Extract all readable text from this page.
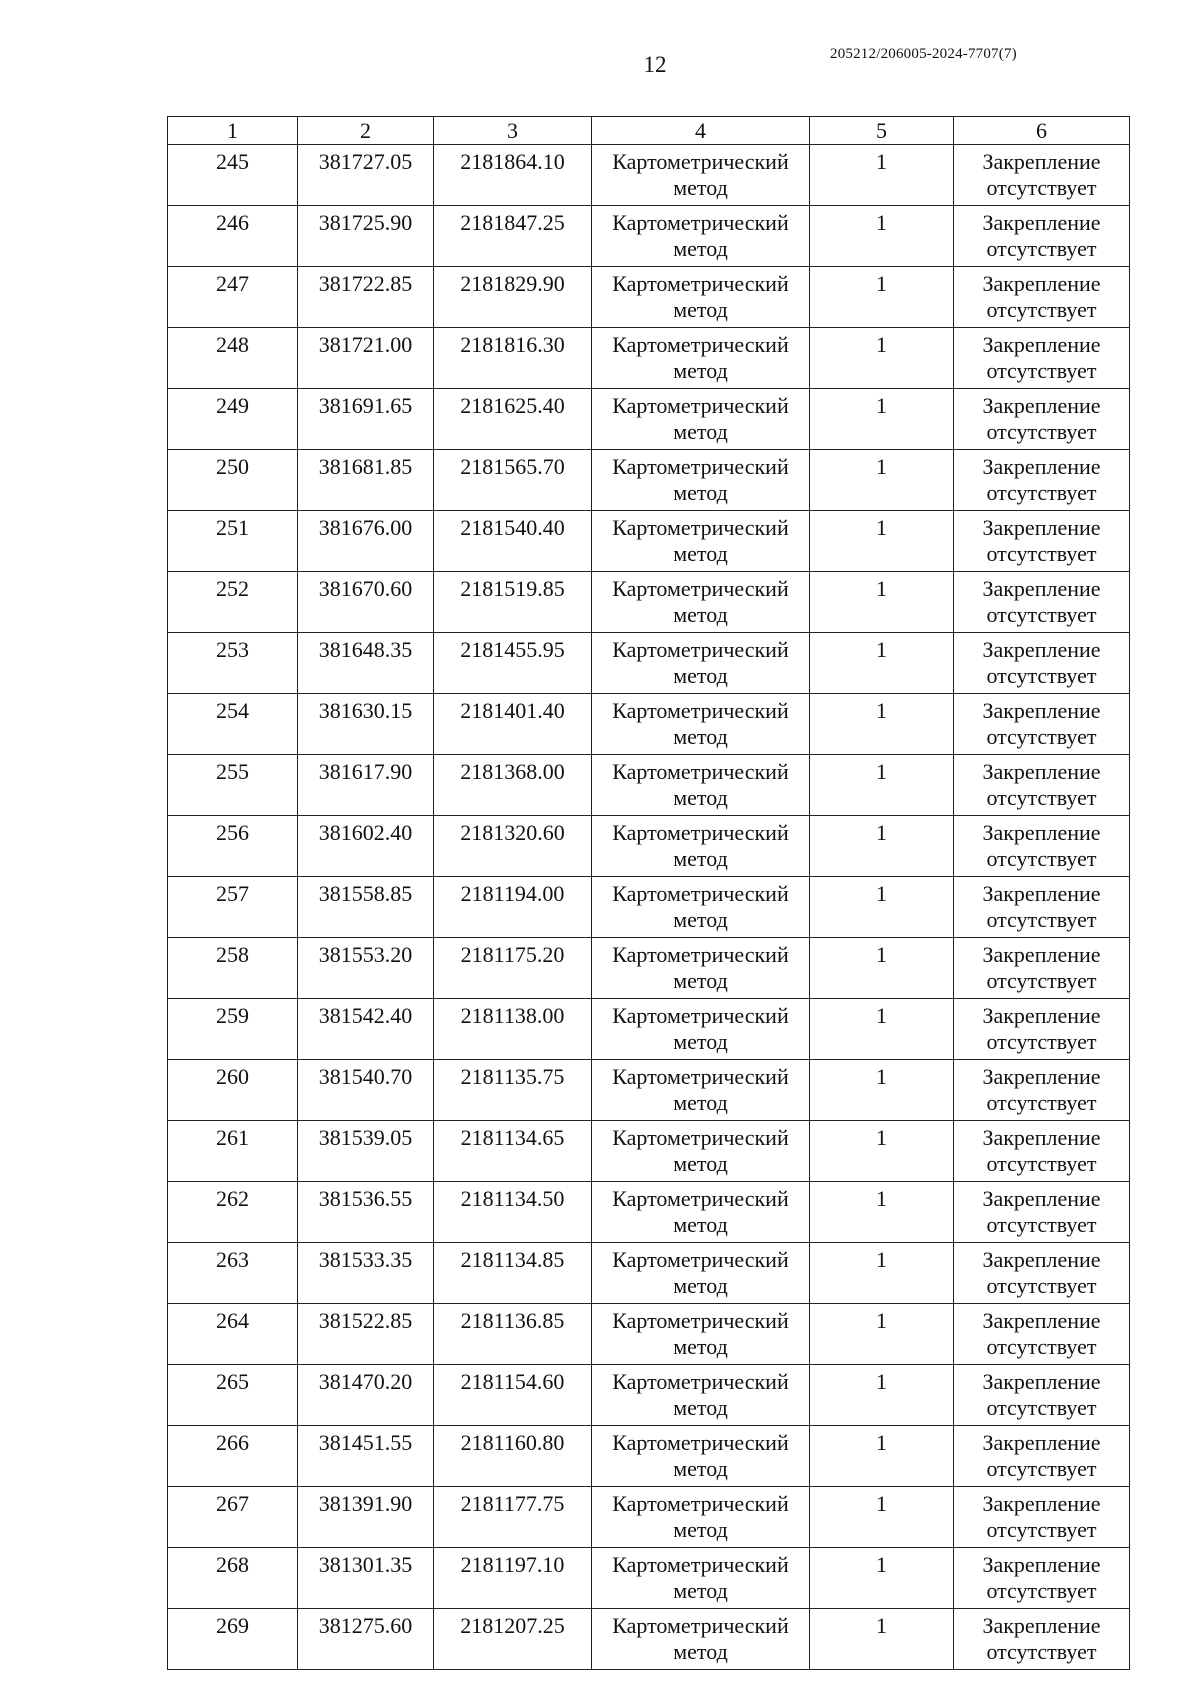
12	205212/206005-2024-7707(7)
1	2	3	4	5	6
245	381727.05	2181864.10	Картометрический метод	1	Закрепление отсутствует
246	381725.90	2181847.25	Картометрический метод	1	Закрепление отсутствует
247	381722.85	2181829.90	Картометрический метод	1	Закрепление отсутствует
248	381721.00	2181816.30	Картометрический метод	1	Закрепление отсутствует
249	381691.65	2181625.40	Картометрический метод	1	Закрепление отсутствует
250	381681.85	2181565.70	Картометрический метод	1	Закрепление отсутствует
251	381676.00	2181540.40	Картометрический метод	1	Закрепление отсутствует
252	381670.60	2181519.85	Картометрический метод	1	Закрепление отсутствует
253	381648.35	2181455.95	Картометрический метод	1	Закрепление отсутствует
254	381630.15	2181401.40	Картометрический метод	1	Закрепление отсутствует
255	381617.90	2181368.00	Картометрический метод	1	Закрепление отсутствует
256	381602.40	2181320.60	Картометрический метод	1	Закрепление отсутствует
257	381558.85	2181194.00	Картометрический метод	1	Закрепление отсутствует
258	381553.20	2181175.20	Картометрический метод	1	Закрепление отсутствует
259	381542.40	2181138.00	Картометрический метод	1	Закрепление отсутствует
260	381540.70	2181135.75	Картометрический метод	1	Закрепление отсутствует
261	381539.05	2181134.65	Картометрический метод	1	Закрепление отсутствует
262	381536.55	2181134.50	Картометрический метод	1	Закрепление отсутствует
263	381533.35	2181134.85	Картометрический метод	1	Закрепление отсутствует
264	381522.85	2181136.85	Картометрический метод	1	Закрепление отсутствует
265	381470.20	2181154.60	Картометрический метод	1	Закрепление отсутствует
266	381451.55	2181160.80	Картометрический метод	1	Закрепление отсутствует
267	381391.90	2181177.75	Картометрический метод	1	Закрепление отсутствует
268	381301.35	2181197.10	Картометрический метод	1	Закрепление отсутствует
269	381275.60	2181207.25	Картометрический метод	1	Закрепление отсутствует
